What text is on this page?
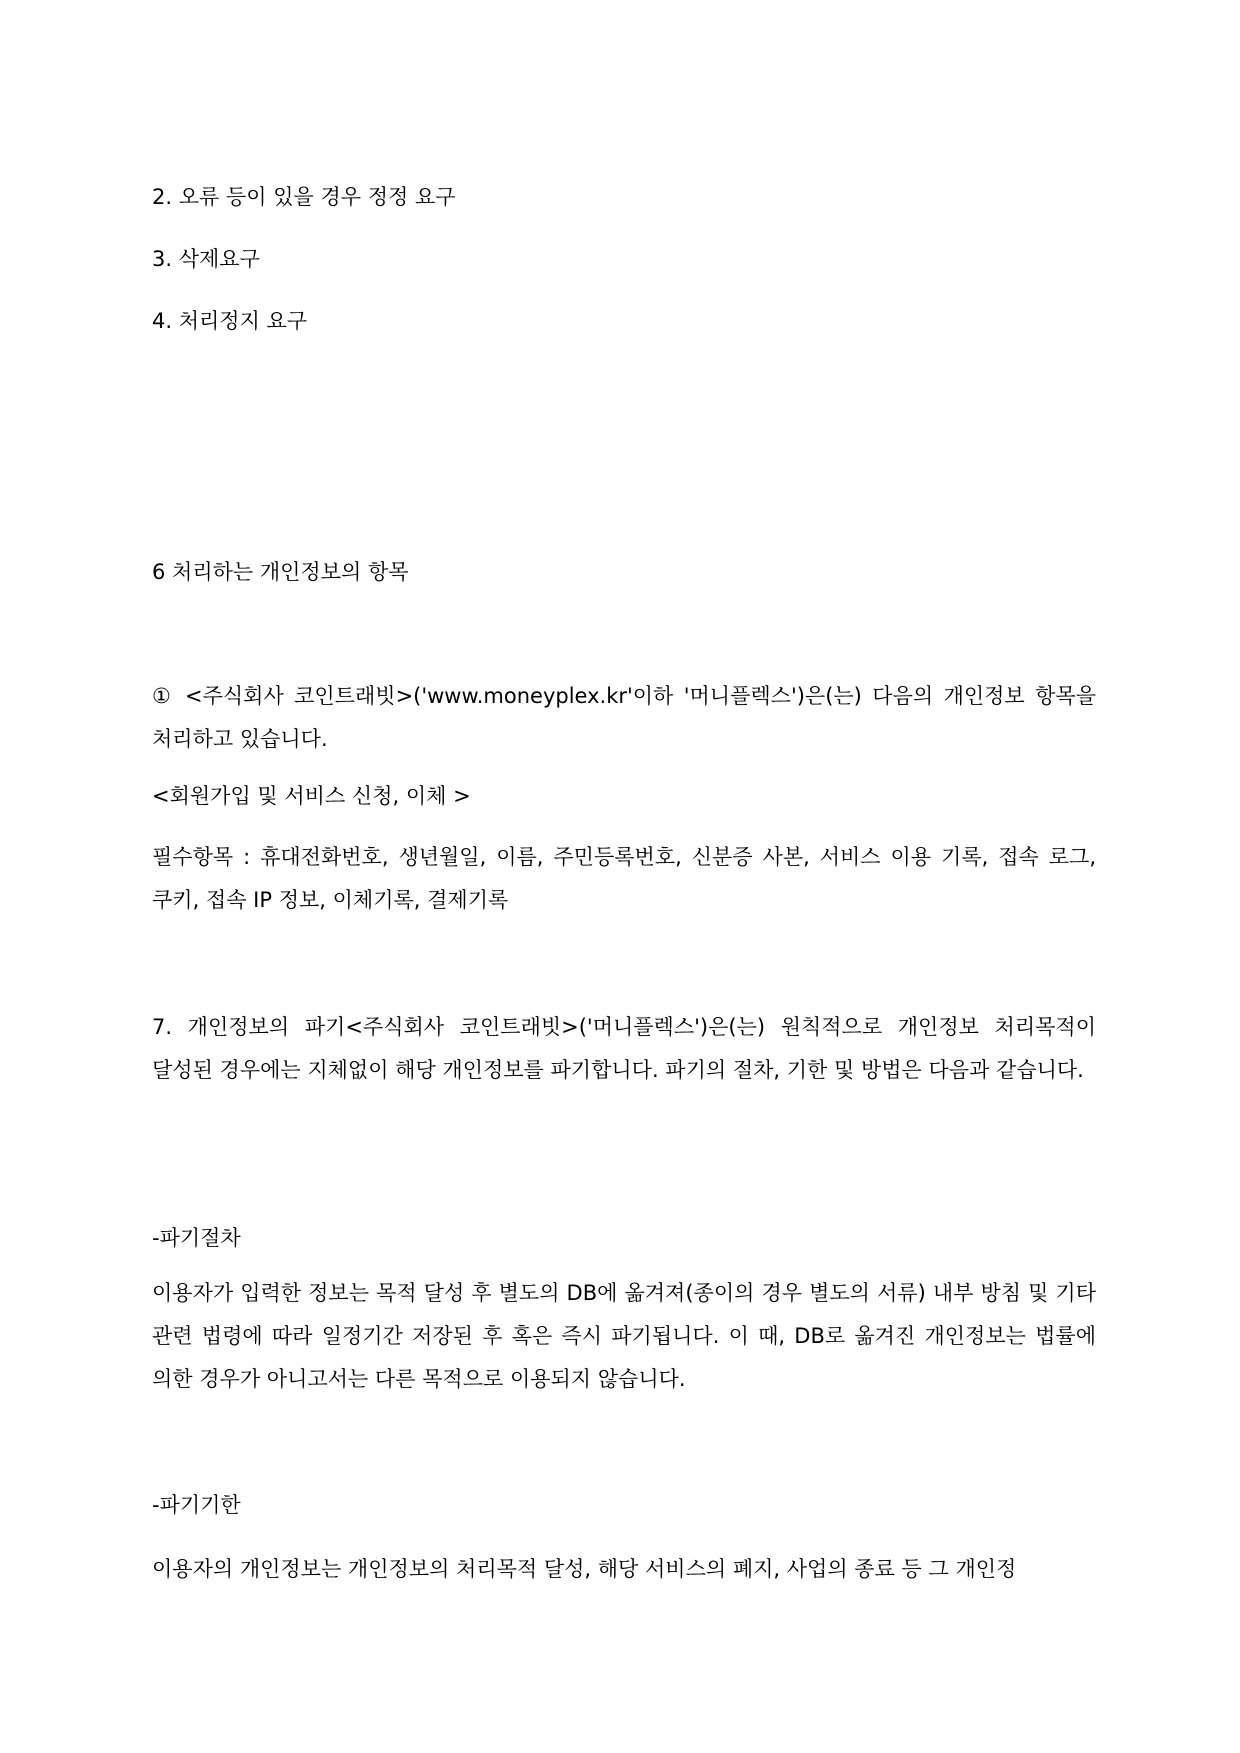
2. 오류 등이 있을 경우 정정 요구

3. 삭제요구

4. 처리정지 요구

6 처리하는 개인정보의 항목

① <주식회사 코인트래빗>('www.moneyplex.kr'이하 '머니플렉스')은(는) 다음의 개인정보 항목을 처리하고 있습니다.

<회원가입 및 서비스 신청, 이체 >

필수항목 : 휴대전화번호, 생년월일, 이름, 주민등록번호, 신분증 사본, 서비스 이용 기록, 접속 로그, 쿠키, 접속 IP 정보, 이체기록, 결제기록

7. 개인정보의 파기<주식회사 코인트래빗>('머니플렉스')은(는) 원칙적으로 개인정보 처리목적이 달성된 경우에는 지체없이 해당 개인정보를 파기합니다. 파기의 절차, 기한 및 방법은 다음과 같습니다.

-파기절차

이용자가 입력한 정보는 목적 달성 후 별도의 DB에 옮겨져(종이의 경우 별도의 서류) 내부 방침 및 기타 관련 법령에 따라 일정기간 저장된 후 혹은 즉시 파기됩니다. 이 때, DB로 옮겨진 개인정보는 법률에 의한 경우가 아니고서는 다른 목적으로 이용되지 않습니다.

-파기기한

이용자의 개인정보는 개인정보의 처리목적 달성, 해당 서비스의 폐지, 사업의 종료 등 그 개인정
